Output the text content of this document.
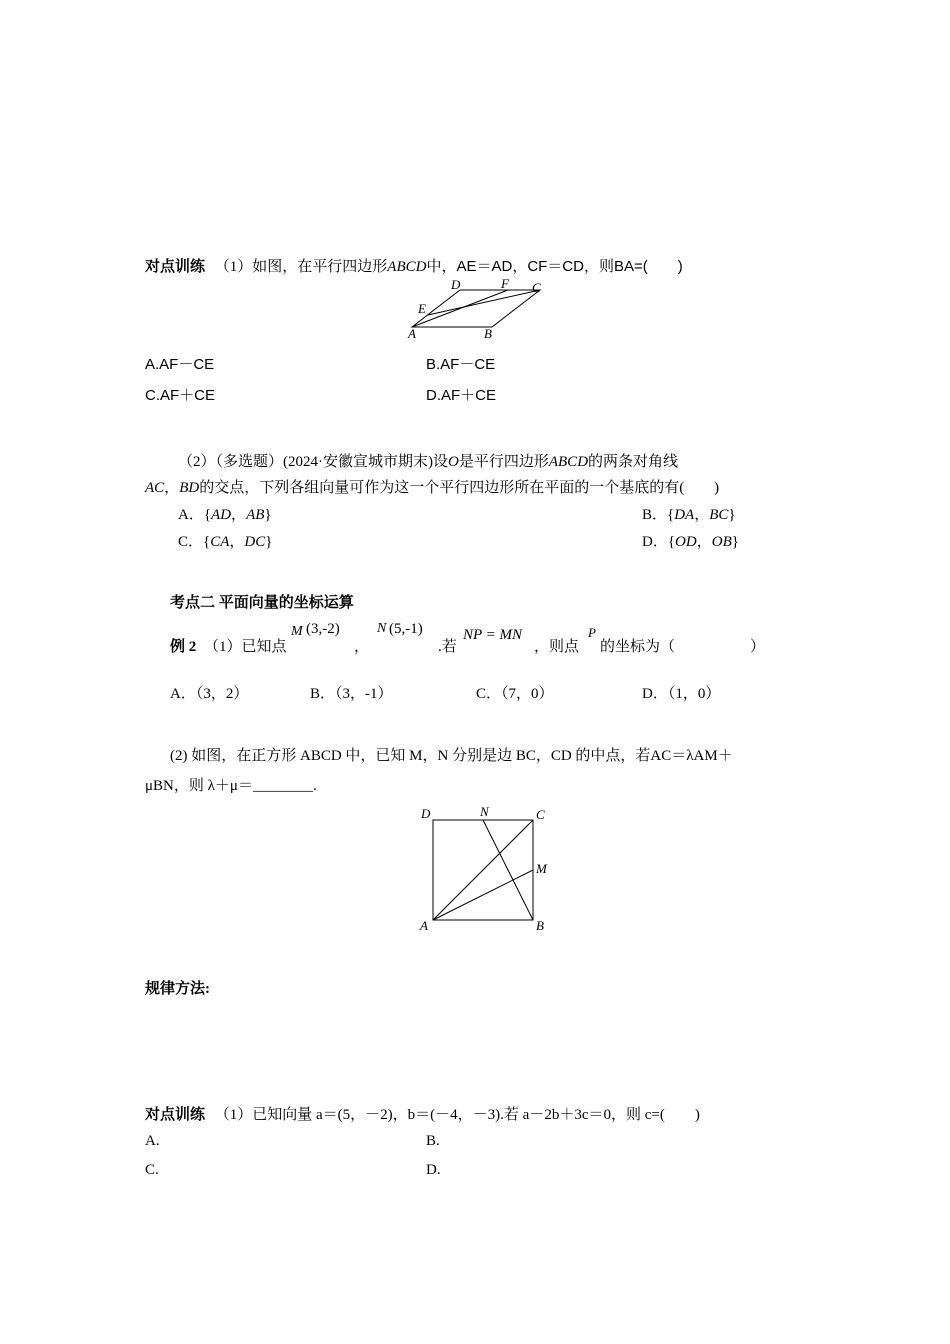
对点训练 （1）如图，在平行四边形ABCD中，AE＝AD，CF＝CD，则BA=(　　)
D	F C
E
A	B
A.AF－CE	B.AF－CE
C.AF＋CE	D.AF＋CE
（2）（多选题）(2024·安徽宣城市期末)设O是平行四边形ABCD的两条对角线
AC，BD的交点，下列各组向量可作为这一个平行四边形所在平面的一个基底的有(　　)
A．{AD，AB}	B．{DA，BC}
C．{CA，DC}	D．{OD，OB}
考点二 平面向量的坐标运算
例 2 （1）已知点
M (3,-2)
，
N (5,-1)
.若
NP = MN
，则点
P
的坐标为（　　　　　）
A．（3，2）	B．（3，-1）	C．（7，0）	D．（1，0）
(2) 如图，在正方形 ABCD 中，已知 M，N 分别是边 BC，CD 的中点，若AC＝λAM＋
μBN，则 λ＋μ＝________.
D	N	C
M
A	B
规律方法:
对点训练 （1）已知向量 a＝(5，－2)，b＝(－4，－3).若 a－2b＋3c＝0，则 c=(　　)
A.	B.
C.	D.
